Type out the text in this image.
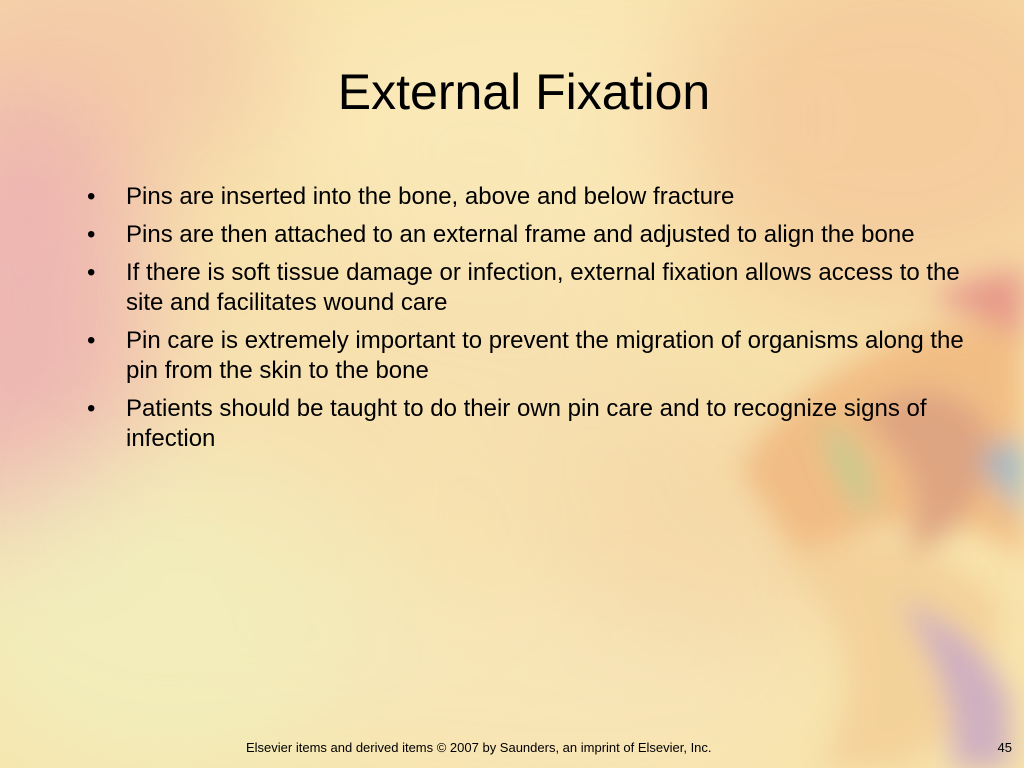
External Fixation
• Pins are inserted into the bone, above and below fracture
• Pins are then attached to an external frame and adjusted to align the bone
• If there is soft tissue damage or infection, external fixation allows access to the site and facilitates wound care
• Pin care is extremely important to prevent the migration of organisms along the pin from the skin to the bone
• Patients should be taught to do their own pin care and to recognize signs of infection
Elsevier items and derived items © 2007 by Saunders, an imprint of Elsevier, Inc.	45
